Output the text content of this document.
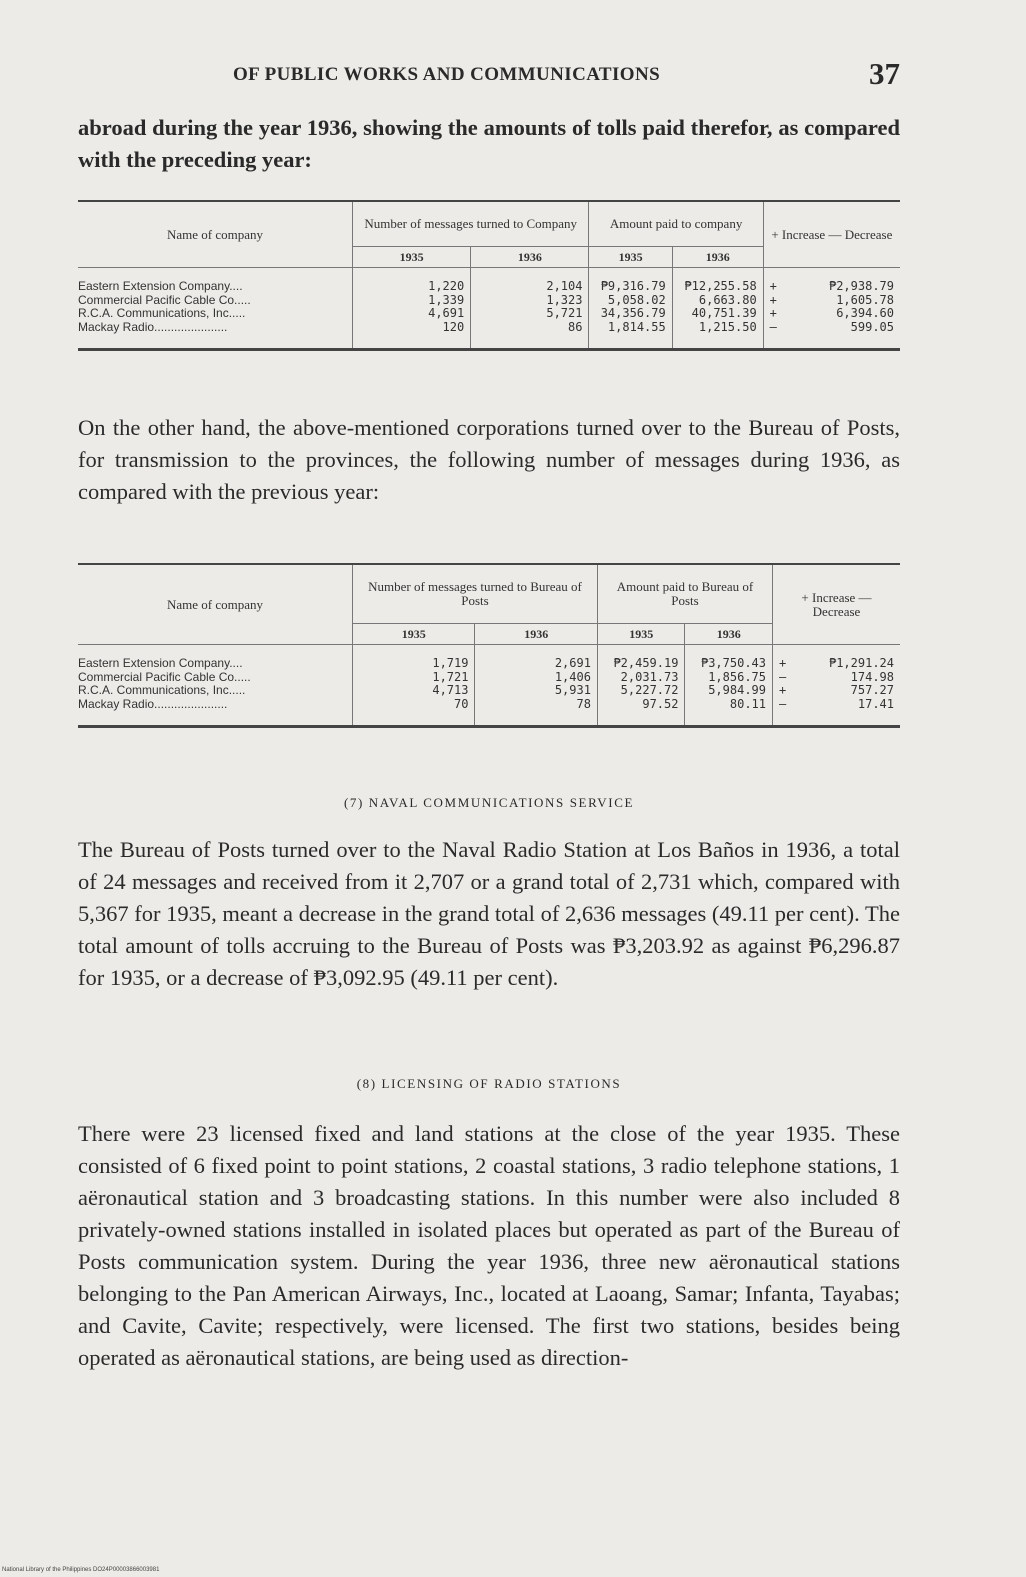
OF PUBLIC WORKS AND COMMUNICATIONS	37

abroad during the year 1936, showing the amounts of tolls paid therefor, as compared with the preceding year:

Name of company	Number of messages turned to Company		Amount paid to company		+ Increase — Decrease	
	1935	1936	1935	1936		
Eastern Extension Company....	1,220	2,104	₱9,316.79	₱12,255.58	+	₱2,938.79
Commercial Pacific Cable Co.....	1,339	1,323	5,058.02	6,663.80	+	1,605.78
R.C.A. Communications, Inc.....	4,691	5,721	34,356.79	40,751.39	+	6,394.60
Mackay Radio......................	120	86	1,814.55	1,215.50	—	599.05

On the other hand, the above-mentioned corporations turned over to the Bureau of Posts, for transmission to the provinces, the following number of messages during 1936, as compared with the previous year:

Name of company	Number of messages turned to Bureau of Posts		Amount paid to Bureau of Posts		+ Increase — Decrease	
	1935	1936	1935	1936		
Eastern Extension Company....	1,719	2,691	₱2,459.19	₱3,750.43	+	₱1,291.24
Commercial Pacific Cable Co.....	1,721	1,406	2,031.73	1,856.75	—	174.98
R.C.A. Communications, Inc.....	4,713	5,931	5,227.72	5,984.99	+	757.27
Mackay Radio......................	70	78	97.52	80.11	—	17.41
(7) NAVAL COMMUNICATIONS SERVICE

The Bureau of Posts turned over to the Naval Radio Station at Los Baños in 1936, a total of 24 messages and received from it 2,707 or a grand total of 2,731 which, compared with 5,367 for 1935, meant a decrease in the grand total of 2,636 messages (49.11 per cent). The total amount of tolls accruing to the Bureau of Posts was ₱3,203.92 as against ₱6,296.87 for 1935, or a decrease of ₱3,092.95 (49.11 per cent).

(8) LICENSING OF RADIO STATIONS

There were 23 licensed fixed and land stations at the close of the year 1935. These consisted of 6 fixed point to point stations, 2 coastal stations, 3 radio telephone stations, 1 aëronautical station and 3 broadcasting stations. In this number were also included 8 privately-owned stations installed in isolated places but operated as part of the Bureau of Posts communication system. During the year 1936, three new aëronautical stations belonging to the Pan American Airways, Inc., located at Laoang, Samar; Infanta, Tayabas; and Cavite, Cavite; respectively, were licensed. The first two stations, besides being operated as aëronautical stations, are being used as direction-

National Library of the Philippines DO24P00003866003981
